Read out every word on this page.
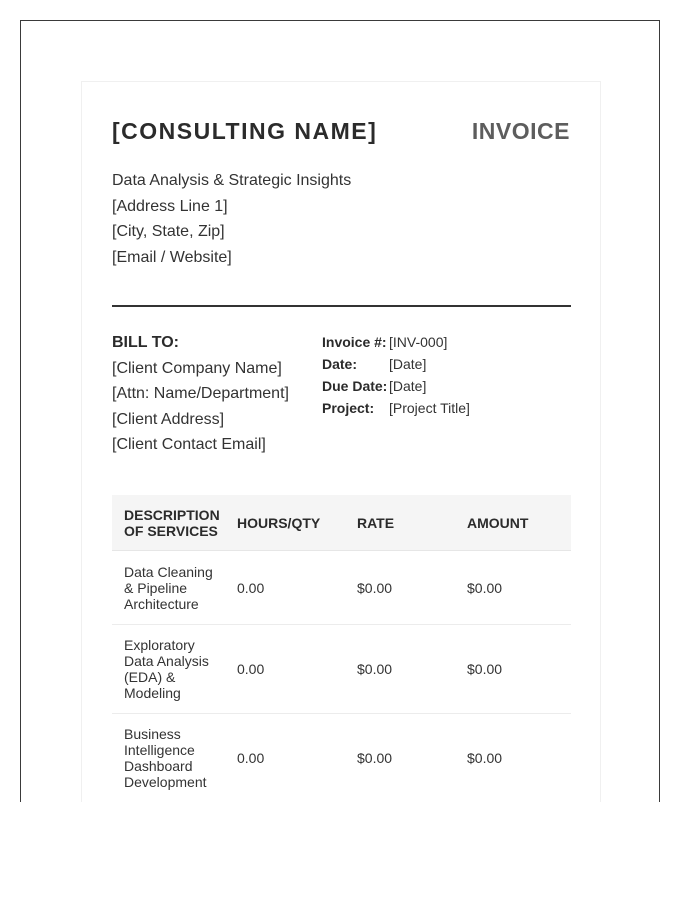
[CONSULTING NAME]	INVOICE
Data Analysis & Strategic Insights
[Address Line 1]
[City, State, Zip]
[Email / Website]
BILL TO:
[Client Company Name]
[Attn: Name/Department]
[Client Address]
[Client Contact Email]
Invoice #: [INV-000]
Date:	[Date]
Due Date: [Date]
Project:	[Project Title]
DESCRIPTION OF SERVICES	HOURS/QTY	RATE	AMOUNT
Data Cleaning & Pipeline Architecture	0.00	$0.00	$0.00
Exploratory Data Analysis (EDA) & Modeling	0.00	$0.00	$0.00
Business Intelligence Dashboard Development	0.00	$0.00	$0.00
